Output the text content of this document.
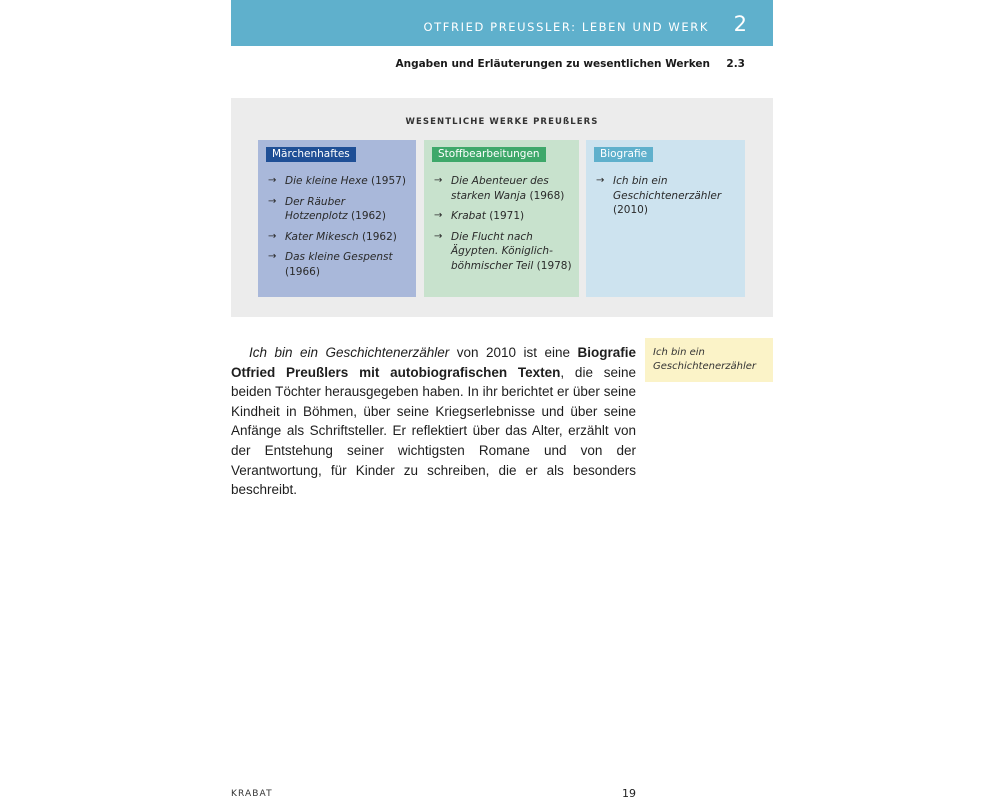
OTFRIED PREUSSLER: LEBEN UND WERK 2
Angaben und Erläuterungen zu wesentlichen Werken 2.3
WESENTLICHE WERKE PREUßLERS
Märchenhaftes
→ Die kleine Hexe (1957)
→ Der Räuber Hotzenplotz (1962)
→ Kater Mikesch (1962)
→ Das kleine Gespenst (1966)
Stoffbearbeitungen
→ Die Abenteuer des starken Wanja (1968)
→ Krabat (1971)
→ Die Flucht nach Ägypten. Königlich-böhmischer Teil (1978)
Biografie
→ Ich bin ein Geschichtenerzähler (2010)

Ich bin ein Geschichtenerzähler von 2010 ist eine Biografie Otfried Preußlers mit autobiografischen Texten, die seine beiden Töchter herausgegeben haben. In ihr berichtet er über seine Kindheit in Böhmen, über seine Kriegserlebnisse und über seine Anfänge als Schriftsteller. Er reflektiert über das Alter, erzählt von der Entstehung seiner wichtigsten Romane und von der Verantwortung, für Kinder zu schreiben, die er als besonders beschreibt.

Ich bin ein Geschichtenerzähler
KRABAT	19
